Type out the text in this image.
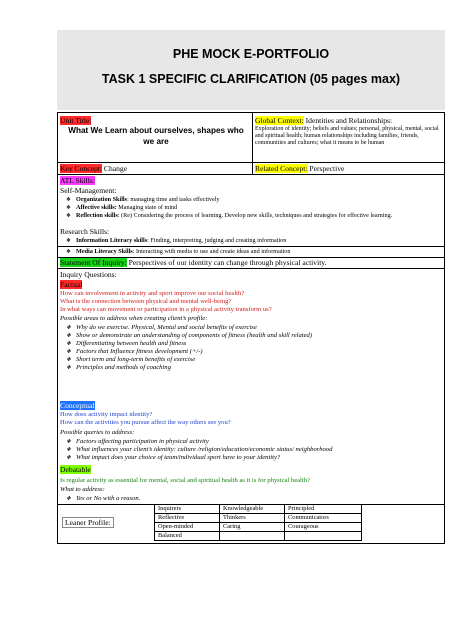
PHE MOCK E-PORTFOLIO
TASK 1 SPECIFIC CLARIFICATION (05 pages max)
Unit Title:
What We Learn about ourselves, shapes who we are
Global Context: Identities and Relationships:
Exploration of identity; beliefs and values; personal, physical, mental, social and spiritual health; human relationships including families, friends, communities and cultures; what it means to be human
Key Concept: Change	Related Concept: Perspective
ATL Skills:
Self-Management:
❖ Organization Skills: managing time and tasks effectively
❖ Affective skills: Managing state of mind
❖ Reflection skills: (Re) Considering the process of learning. Develop new skills, techniques and strategies for effective learning.
Research Skills:
❖ Information Literacy skills: Finding, interpreting, judging and creating information
❖ Media Literacy Skills: Interacting with media to use and create ideas and information
Statement Of Inquiry: Perspectives of our identity can change through physical activity.
Inquiry Questions:
Factual
How can involvement in activity and sport improve our social health?
What is the connection between physical and mental well-being?
In what ways can movement or participation in a physical activity transform us?
Possible areas to address when creating client’s profile:
❖ Why do we exercise. Physical, Mental and social benefits of exercise
❖ Show or demonstrate an understanding of components of fitness (health and skill related)
❖ Differentiating between health and fitness
❖ Factors that Influence fitness development (+/-)
❖ Short term and long-term benefits of exercise
❖ Principles and methods of coaching
Conceptual
How does activity impact identity?
How can the activities you pursue affect the way others see you?
Possible queries to address:
❖ Factors affecting participation in physical activity
❖ What influences your client’s identity: culture /religion/education/economic status/ neighborhood
❖ What impact does your choice of team/individual sport have to your identity?
Debatable
Is regular activity as essential for mental, social and spiritual health as it is for physical health?
What to address:
❖ Yes or No with a reason.
Leaner Profile:
Inquirers	Knowledgeable	Principled
Reflective	Thinkers	Communicators
Open-minded	Caring	Courageous
Balanced		
